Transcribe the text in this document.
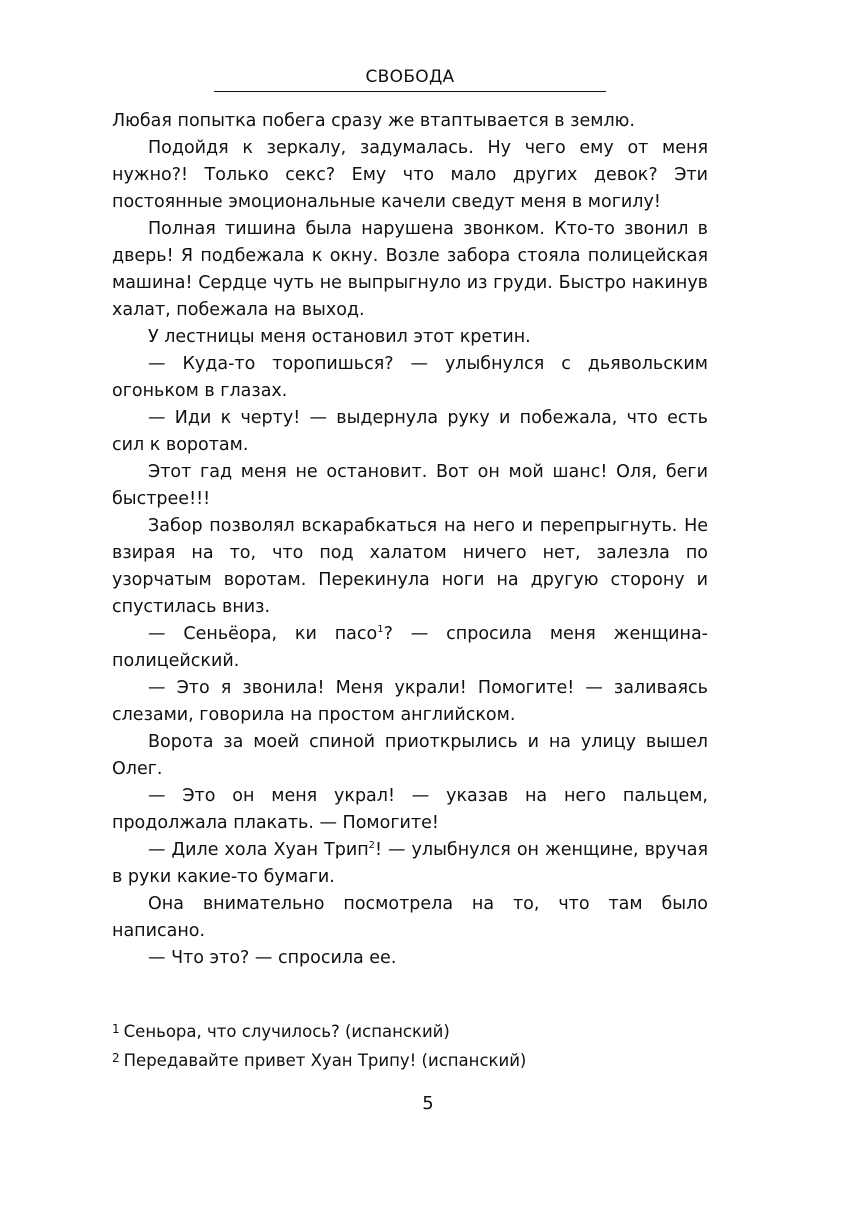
СВОБОДА

Любая попытка побега сразу же втаптывается в землю.

Подойдя к зеркалу, задумалась. Ну чего ему от меня нужно?! Только секс? Ему что мало других девок? Эти постоянные эмоциональные качели сведут меня в могилу!

Полная тишина была нарушена звонком. Кто-то звонил в дверь! Я подбежала к окну. Возле забора стояла полицейская машина! Сердце чуть не выпрыгнуло из груди. Быстро накинув халат, побежала на выход.

У лестницы меня остановил этот кретин.

— Куда-то торопишься? — улыбнулся с дьявольским огоньком в глазах.

— Иди к черту! — выдернула руку и побежала, что есть сил к воротам.

Этот гад меня не остановит. Вот он мой шанс! Оля, беги быстрее!!!

Забор позволял вскарабкаться на него и перепрыгнуть. Не взирая на то, что под халатом ничего нет, залезла по узорчатым воротам. Перекинула ноги на другую сторону и спустилась вниз.

— Сеньёора, ки пасо$^1$? — спросила меня женщина-полицейский.

— Это я звонила! Меня украли! Помогите! — заливаясь слезами, говорила на простом английском.

Ворота за моей спиной приоткрылись и на улицу вышел Олег.

— Это он меня украл! — указав на него пальцем, продолжала плакать. — Помогите!

— Диле хола Хуан Трип$^2$! — улыбнулся он женщине, вручая в руки какие-то бумаги.

Она внимательно посмотрела на то, что там было написано.

— Что это? — спросила ее.

$^1$ Сеньора, что случилось? (испанский)

$^2$ Передавайте привет Хуан Трипу! (испанский)

5
